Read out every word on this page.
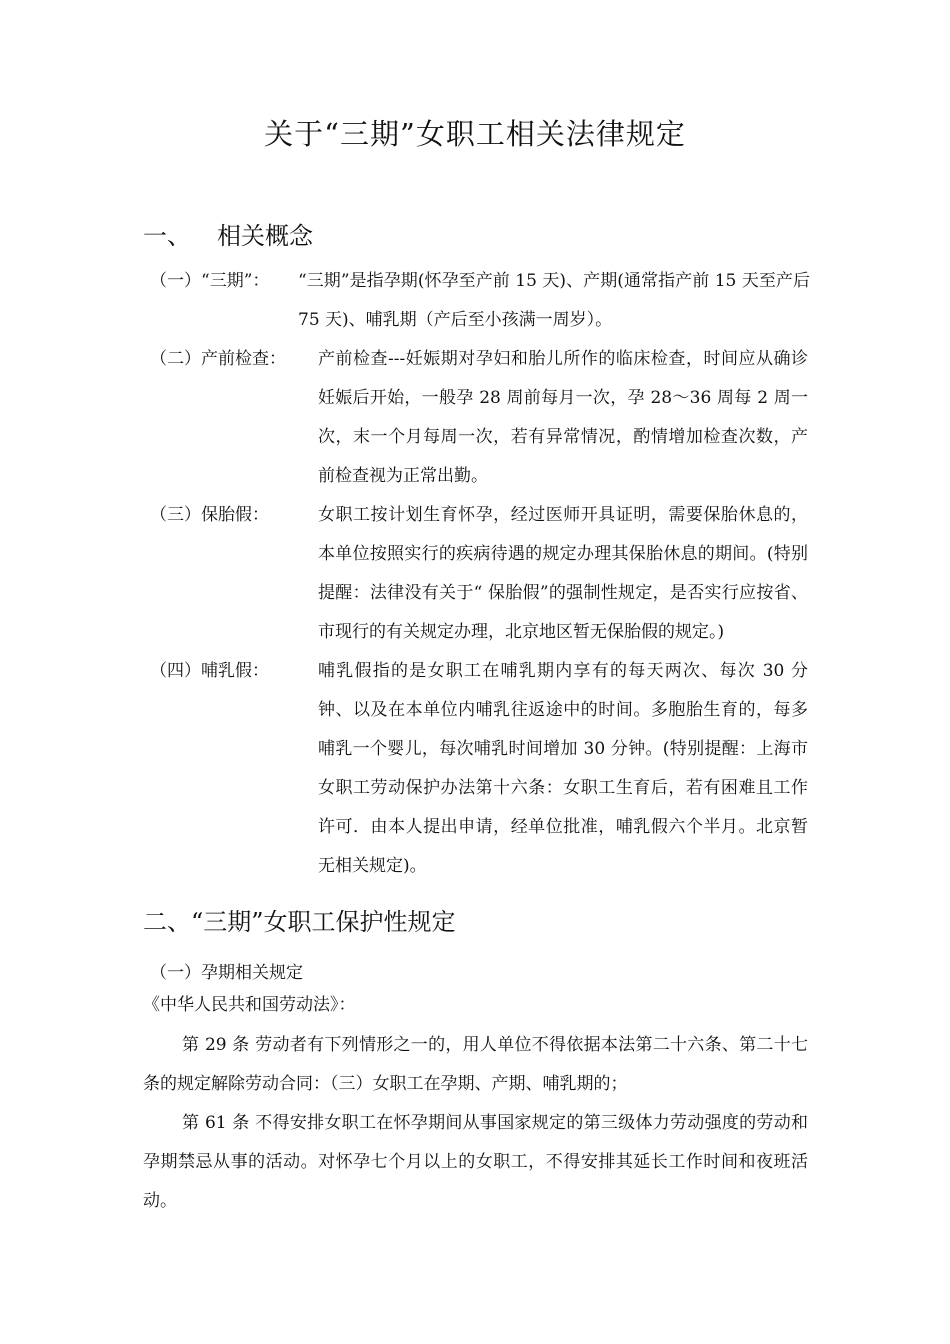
关于“三期”女职工相关法律规定
一、 相关概念
（一）“三期”： “三期”是指孕期(怀孕至产前 15 天)、产期(通常指产前 15 天至产后 75 天)、哺乳期（产后至小孩满一周岁）。
（二）产前检查： 产前检查---妊娠期对孕妇和胎儿所作的临床检查，时间应从确诊妊娠后开始，一般孕 28 周前每月一次，孕 28～36 周每 2 周一次，末一个月每周一次，若有异常情况，酌情增加检查次数，产前检查视为正常出勤。
（三）保胎假：	女职工按计划生育怀孕，经过医师开具证明，需要保胎休息的，本单位按照实行的疾病待遇的规定办理其保胎休息的期间。(特别提醒：法律没有关于“ 保胎假”的强制性规定，是否实行应按省、市现行的有关规定办理，北京地区暂无保胎假的规定。)
（四）哺乳假：	哺乳假指的是女职工在哺乳期内享有的每天两次、每次 30 分钟、以及在本单位内哺乳往返途中的时间。多胞胎生育的，每多哺乳一个婴儿，每次哺乳时间增加 30 分钟。(特别提醒：上海市女职工劳动保护办法第十六条：女职工生育后，若有困难且工作许可．由本人提出申请，经单位批准，哺乳假六个半月。北京暂无相关规定)。
二、“三期”女职工保护性规定
（一）孕期相关规定
《中华人民共和国劳动法》：
第 29 条 劳动者有下列情形之一的，用人单位不得依据本法第二十六条、第二十七条的规定解除劳动合同：（三）女职工在孕期、产期、哺乳期的；
第 61 条 不得安排女职工在怀孕期间从事国家规定的第三级体力劳动强度的劳动和孕期禁忌从事的活动。对怀孕七个月以上的女职工，不得安排其延长工作时间和夜班活动。
